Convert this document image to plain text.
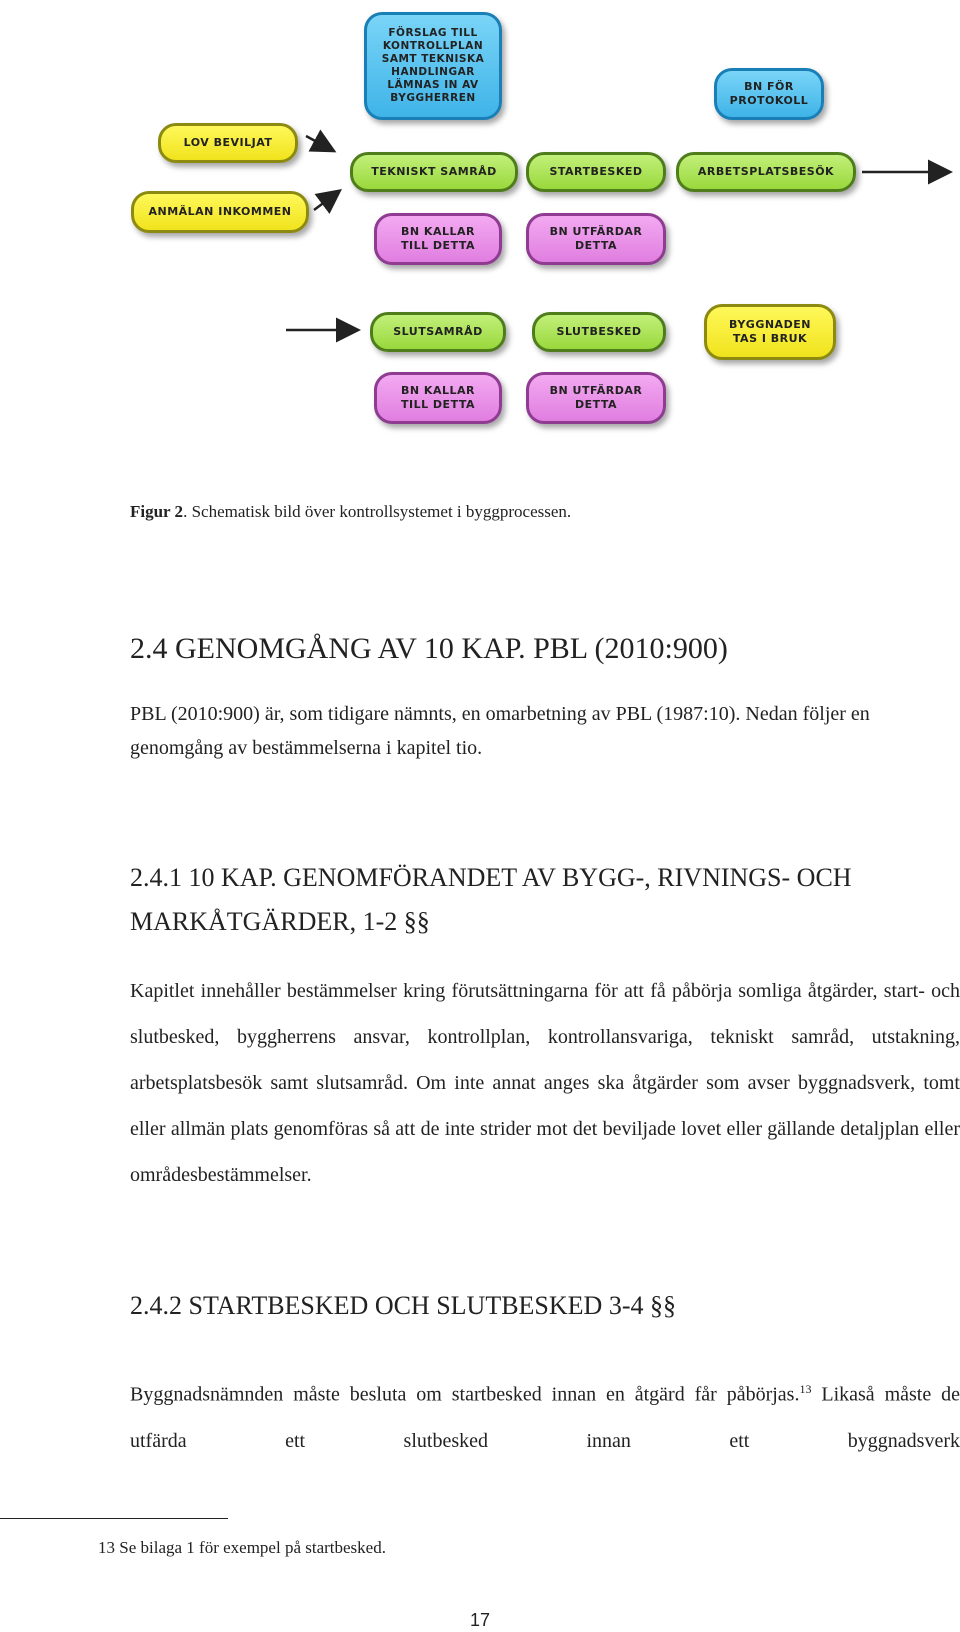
FÖRSLAG TILL
KONTROLLPLAN
SAMT TEKNISKA
HANDLINGAR
LÄMNAS IN AV
BYGGHERREN
BN FÖR
PROTOKOLL
LOV BEVILJAT
ANMÄLAN INKOMMEN
TEKNISKT SAMRÅD	STARTBESKED	ARBETSPLATSBESÖK
BN KALLAR
TILL DETTA
BN UTFÄRDAR
DETTA
SLUTSAMRÅD	SLUTBESKED
BYGGNADEN
TAS I BRUK
BN KALLAR
TILL DETTA
BN UTFÄRDAR
DETTA
Figur 2. Schematisk bild över kontrollsystemet i byggprocessen.
2.4 GENOMGÅNG AV 10 KAP. PBL (2010:900)

PBL (2010:900) är, som tidigare nämnts, en omarbetning av PBL (1987:10). Nedan följer en genomgång av bestämmelserna i kapitel tio.

2.4.1 10 KAP. GENOMFÖRANDET AV BYGG-, RIVNINGS- OCH MARKÅTGÄRDER, 1-2 §§

Kapitlet innehåller bestämmelser kring förutsättningarna för att få påbörja somliga åtgärder, start- och slutbesked, byggherrens ansvar, kontrollplan, kontrollansvariga, tekniskt samråd, utstakning, arbetsplatsbesök samt slutsamråd. Om inte annat anges ska åtgärder som avser byggnadsverk, tomt eller allmän plats genomföras så att de inte strider mot det beviljade lovet eller gällande detaljplan eller områdesbestämmelser.

2.4.2 STARTBESKED OCH SLUTBESKED 3-4 §§

Byggnadsnämnden måste besluta om startbesked innan en åtgärd får påbörjas.$^{13}$ Likaså måste de utfärda ett slutbesked innan ett byggnadsverk

13 Se bilaga 1 för exempel på startbesked.
17
